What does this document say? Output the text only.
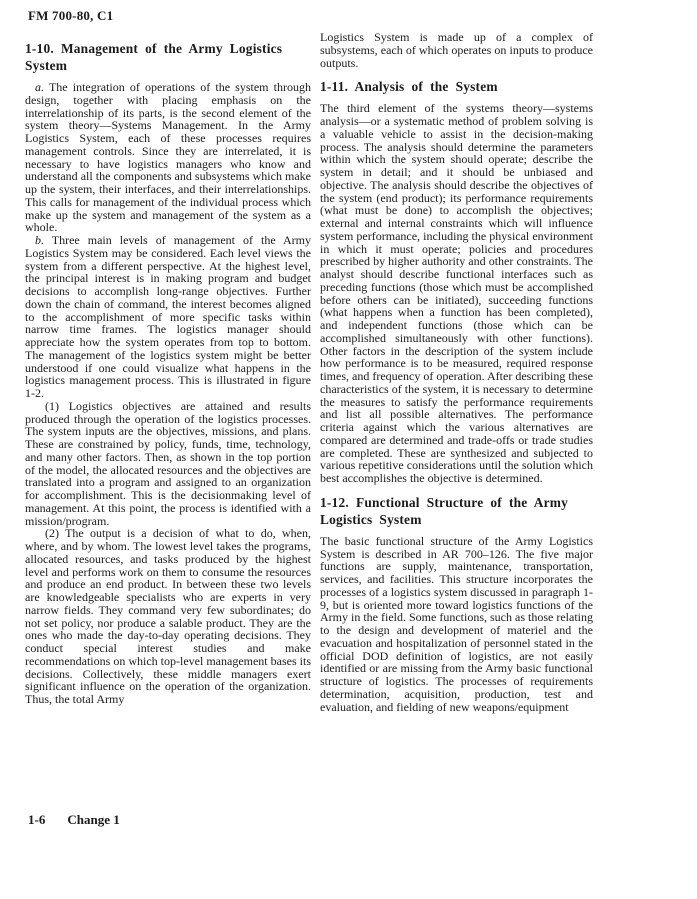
FM 700-80, C1
1-10. Management of the Army Logistics System

a. The integration of operations of the system through design, together with placing emphasis on the interrelationship of its parts, is the second element of the system theory—Systems Management. In the Army Logistics System, each of these processes requires management controls. Since they are interrelated, it is necessary to have logistics managers who know and understand all the components and subsystems which make up the system, their interfaces, and their interrelationships. This calls for management of the individual process which make up the system and management of the system as a whole.

b. Three main levels of management of the Army Logistics System may be considered. Each level views the system from a different perspective. At the highest level, the principal interest is in making program and budget decisions to accomplish long-range objectives. Further down the chain of command, the interest becomes aligned to the accomplishment of more specific tasks within narrow time frames. The logistics manager should appreciate how the system operates from top to bottom. The management of the logistics system might be better understood if one could visualize what happens in the logistics management process. This is illustrated in figure 1-2.

(1) Logistics objectives are attained and results produced through the operation of the logistics processes. The system inputs are the objectives, missions, and plans. These are constrained by policy, funds, time, technology, and many other factors. Then, as shown in the top portion of the model, the allocated resources and the objectives are translated into a program and assigned to an organization for accomplishment. This is the decisionmaking level of management. At this point, the process is identified with a mission/program.

(2) The output is a decision of what to do, when, where, and by whom. The lowest level takes the programs, allocated resources, and tasks produced by the highest level and performs work on them to consume the resources and produce an end product. In between these two levels are knowledgeable specialists who are experts in very narrow fields. They command very few subordinates; do not set policy, nor produce a salable product. They are the ones who made the day-to-day operating decisions. They conduct special interest studies and make recommendations on which top-level management bases its decisions. Collectively, these middle managers exert significant influence on the operation of the organization. Thus, the total Army

Logistics System is made up of a complex of subsystems, each of which operates on inputs to produce outputs.

1-11. Analysis of the System

The third element of the systems theory—systems analysis—or a systematic method of problem solving is a valuable vehicle to assist in the decision-making process. The analysis should determine the parameters within which the system should operate; describe the system in detail; and it should be unbiased and objective. The analysis should describe the objectives of the system (end product); its performance requirements (what must be done) to accomplish the objectives; external and internal constraints which will influence system performance, including the physical environment in which it must operate; policies and procedures prescribed by higher authority and other constraints. The analyst should describe functional interfaces such as preceding functions (those which must be accomplished before others can be initiated), succeeding functions (what happens when a function has been completed), and independent functions (those which can be accomplished simultaneously with other functions). Other factors in the description of the system include how performance is to be measured, required response times, and frequency of operation. After describing these characteristics of the system, it is necessary to determine the measures to satisfy the performance requirements and list all possible alternatives. The performance criteria against which the various alternatives are compared are determined and trade-offs or trade studies are completed. These are synthesized and subjected to various repetitive considerations until the solution which best accomplishes the objective is determined.

1-12. Functional Structure of the Army Logistics System

The basic functional structure of the Army Logistics System is described in AR 700–126. The five major functions are supply, maintenance, transportation, services, and facilities. This structure incorporates the processes of a logistics system discussed in paragraph 1-9, but is oriented more toward logistics functions of the Army in the field. Some functions, such as those relating to the design and development of materiel and the evacuation and hospitalization of personnel stated in the official DOD definition of logistics, are not easily identified or are missing from the Army basic functional structure of logistics. The processes of requirements determination, acquisition, production, test and evaluation, and fielding of new weapons/equipment

1-6 Change 1
